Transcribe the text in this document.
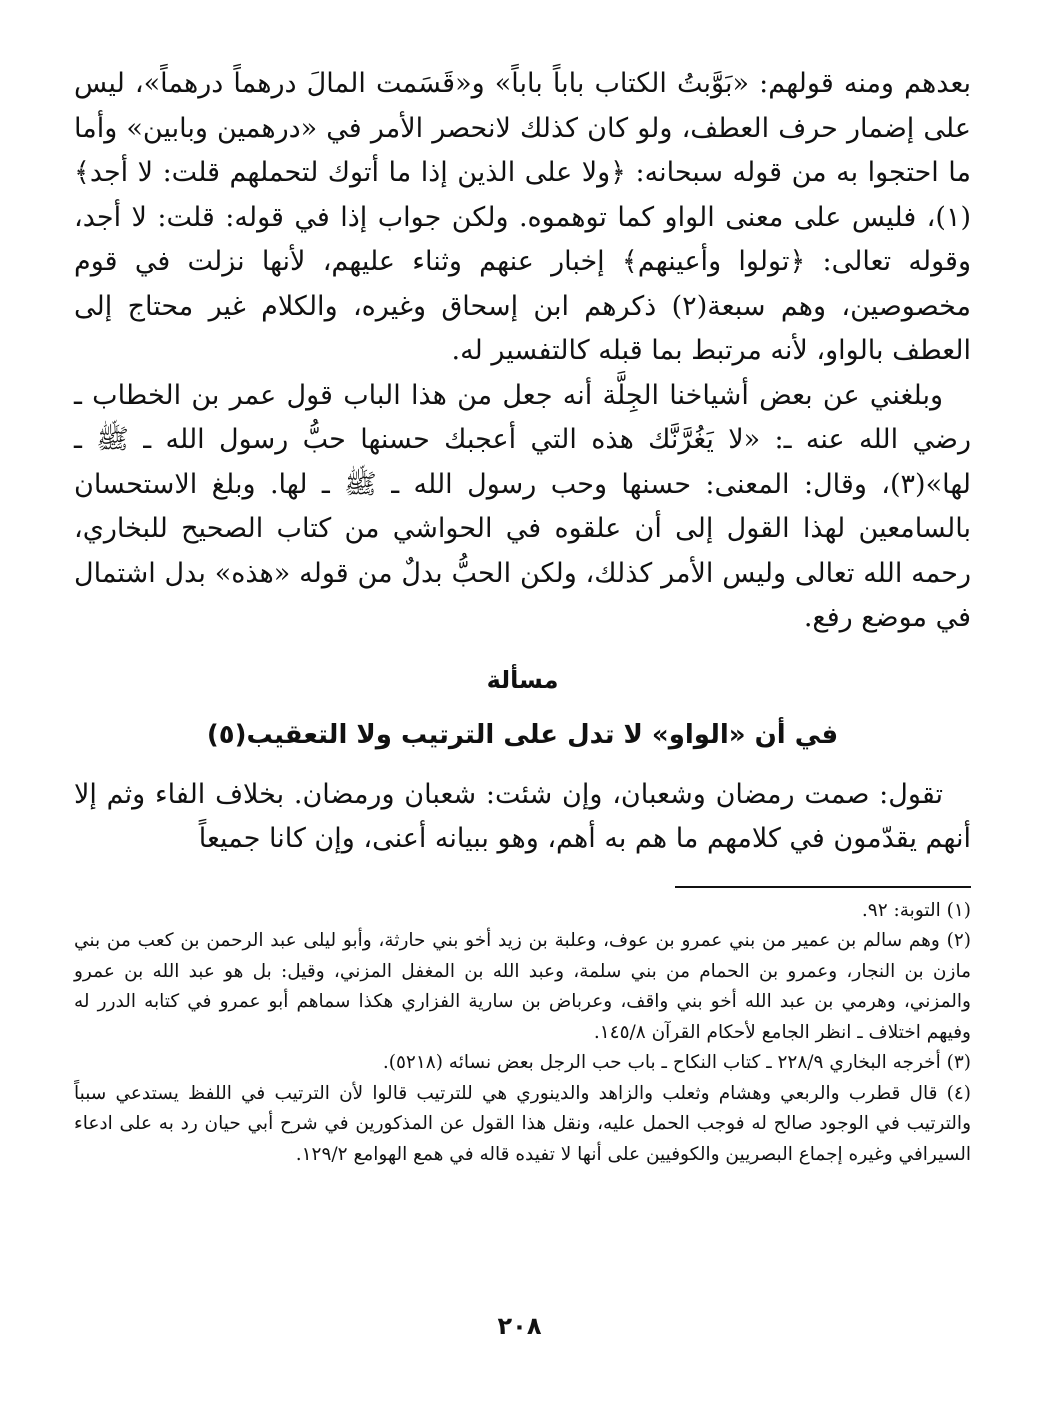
بعدهم ومنه قولهم: «بَوَّبتُ الكتاب باباً باباً» و«قَسَمت المالَ درهماً درهماً»، ليس على إضمار حرف العطف، ولو كان كذلك لانحصر الأمر في «درهمين وبابين» وأما ما احتجوا به من قوله سبحانه: ﴿ولا على الذين إذا ما أتوك لتحملهم قلت: لا أجد﴾(١)، فليس على معنى الواو كما توهموه. ولكن جواب إذا في قوله: قلت: لا أجد، وقوله تعالى: ﴿تولوا وأعينهم﴾ إخبار عنهم وثناء عليهم، لأنها نزلت في قوم مخصوصين، وهم سبعة(٢) ذكرهم ابن إسحاق وغيره، والكلام غير محتاج إلى العطف بالواو، لأنه مرتبط بما قبله كالتفسير له.

وبلغني عن بعض أشياخنا الجِلَّة أنه جعل من هذا الباب قول عمر بن الخطاب ـ رضي الله عنه ـ: «لا يَغُرَّنَّك هذه التي أعجبك حسنها حبُّ رسول الله ـ ﷺ ـ لها»(٣)، وقال: المعنى: حسنها وحب رسول الله ـ ﷺ ـ لها. وبلغ الاستحسان بالسامعين لهذا القول إلى أن علقوه في الحواشي من كتاب الصحيح للبخاري، رحمه الله تعالى وليس الأمر كذلك، ولكن الحبُّ بدلٌ من قوله «هذه» بدل اشتمال في موضع رفع.

مسألة
في أن «الواو» لا تدل على الترتيب ولا التعقيب(٥)

تقول: صمت رمضان وشعبان، وإن شئت: شعبان ورمضان. بخلاف الفاء وثم إلا أنهم يقدّمون في كلامهم ما هم به أهم، وهو ببيانه أعنى، وإن كانا جميعاً

(١) التوبة: ٩٢.
(٢) وهم سالم بن عمير من بني عمرو بن عوف، وعلبة بن زيد أخو بني حارثة، وأبو ليلى عبد الرحمن بن كعب من بني مازن بن النجار، وعمرو بن الحمام من بني سلمة، وعبد الله بن المغفل المزني، وقيل: بل هو عبد الله بن عمرو والمزني، وهرمي بن عبد الله أخو بني واقف، وعرباض بن سارية الفزاري هكذا سماهم أبو عمرو في كتابه الدرر له وفيهم اختلاف ـ انظر الجامع لأحكام القرآن ١٤٥/٨.
(٣) أخرجه البخاري ٢٢٨/٩ ـ كتاب النكاح ـ باب حب الرجل بعض نسائه (٥٢١٨).
(٤) قال قطرب والربعي وهشام وثعلب والزاهد والدينوري هي للترتيب قالوا لأن الترتيب في اللفظ يستدعي سبباً والترتيب في الوجود صالح له فوجب الحمل عليه، ونقل هذا القول عن المذكورين في شرح أبي حيان رد به على ادعاء السيرافي وغيره إجماع البصريين والكوفيين على أنها لا تفيده قاله في همع الهوامع ١٢٩/٢.
٢٠٨
